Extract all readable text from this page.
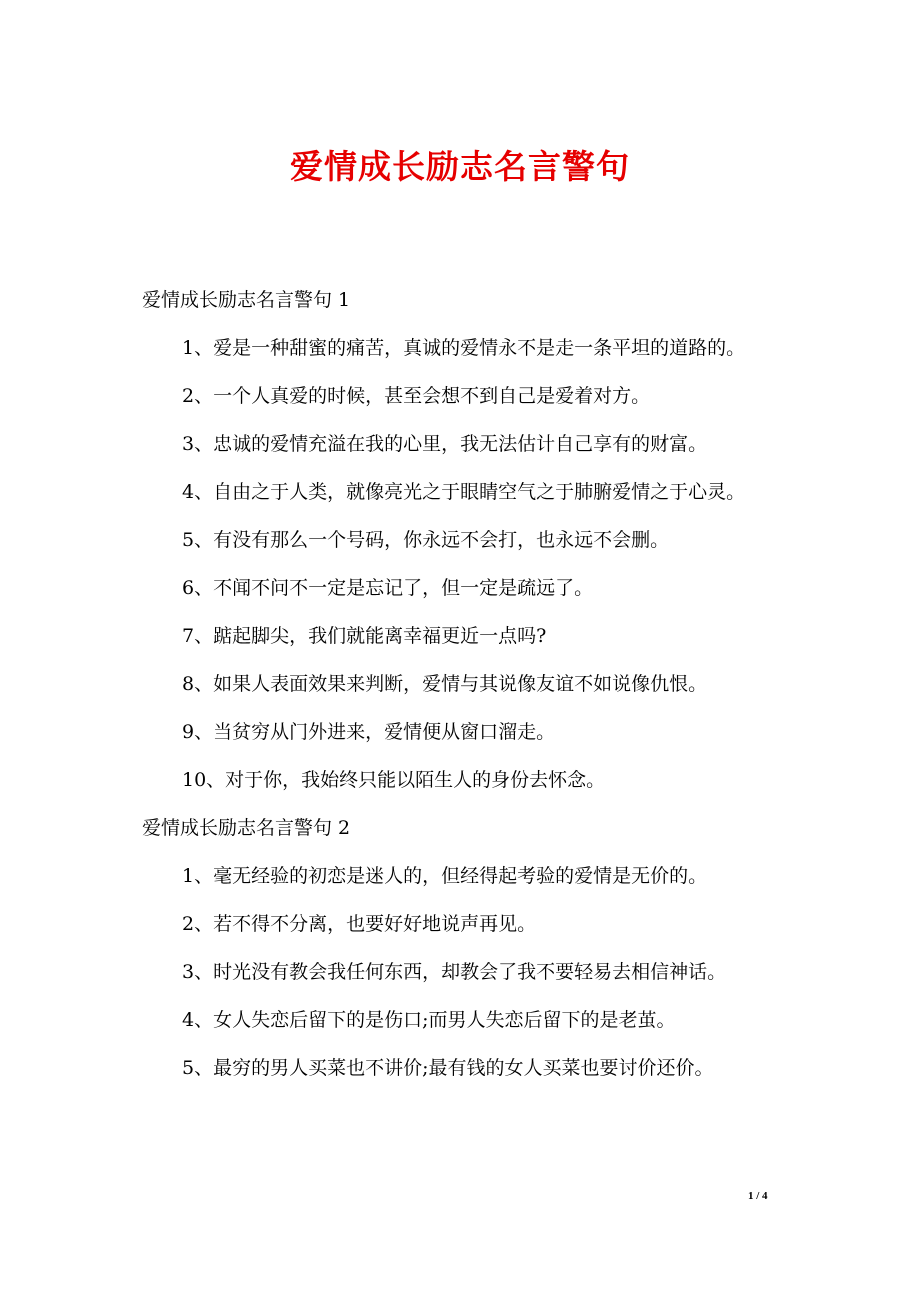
爱情成长励志名言警句

爱情成长励志名言警句 1

1、爱是一种甜蜜的痛苦，真诚的爱情永不是走一条平坦的道路的。

2、一个人真爱的时候，甚至会想不到自己是爱着对方。

3、忠诚的爱情充溢在我的心里，我无法估计自己享有的财富。

4、自由之于人类，就像亮光之于眼睛空气之于肺腑爱情之于心灵。

5、有没有那么一个号码，你永远不会打，也永远不会删。

6、不闻不问不一定是忘记了，但一定是疏远了。

7、踮起脚尖，我们就能离幸福更近一点吗?

8、如果人表面效果来判断，爱情与其说像友谊不如说像仇恨。

9、当贫穷从门外进来，爱情便从窗口溜走。

10、对于你，我始终只能以陌生人的身份去怀念。

爱情成长励志名言警句 2

1、毫无经验的初恋是迷人的，但经得起考验的爱情是无价的。

2、若不得不分离，也要好好地说声再见。

3、时光没有教会我任何东西，却教会了我不要轻易去相信神话。

4、女人失恋后留下的是伤口;而男人失恋后留下的是老茧。

5、最穷的男人买菜也不讲价;最有钱的女人买菜也要讨价还价。

1 / 4
